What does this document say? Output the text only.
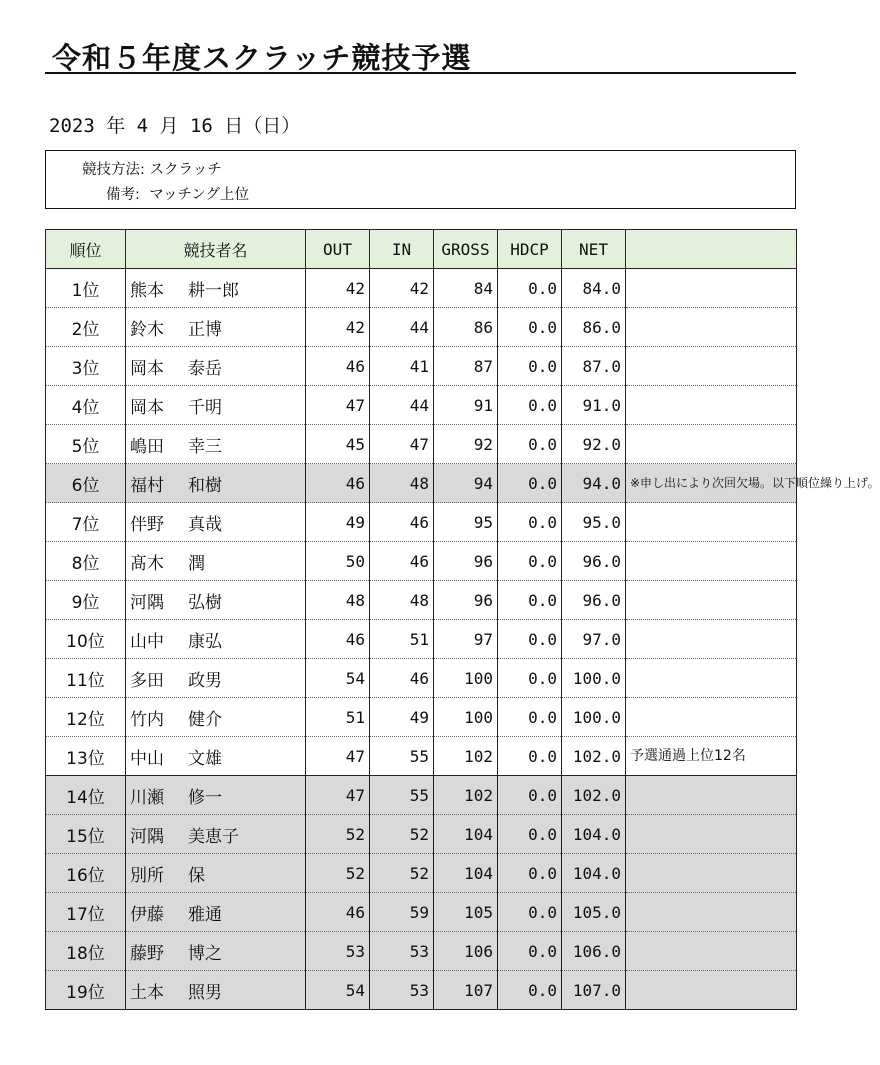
令和５年度スクラッチ競技予選
2023 年 4 月 16 日（日）
競技方法: スクラッチ
備考: マッチング上位
順位	競技者名	OUT	IN	GROSS	HDCP	NET	
1位	熊本 耕一郎	42	42	84	0.0	84.0	
2位	鈴木 正博	42	44	86	0.0	86.0	
3位	岡本 泰岳	46	41	87	0.0	87.0	
4位	岡本 千明	47	44	91	0.0	91.0	
5位	嶋田 幸三	45	47	92	0.0	92.0	
6位	福村 和樹	46	48	94	0.0	94.0	※申し出により次回欠場。以下順位繰り上げ。
7位	伴野 真哉	49	46	95	0.0	95.0	
8位	髙木 潤	50	46	96	0.0	96.0	
9位	河隅 弘樹	48	48	96	0.0	96.0	
10位	山中 康弘	46	51	97	0.0	97.0	
11位	多田 政男	54	46	100	0.0	100.0	
12位	竹内 健介	51	49	100	0.0	100.0	
13位	中山 文雄	47	55	102	0.0	102.0	予選通過上位12名
14位	川瀬 修一	47	55	102	0.0	102.0	
15位	河隅 美恵子	52	52	104	0.0	104.0	
16位	別所 保	52	52	104	0.0	104.0	
17位	伊藤 雅通	46	59	105	0.0	105.0	
18位	藤野 博之	53	53	106	0.0	106.0	
19位	土本 照男	54	53	107	0.0	107.0	
